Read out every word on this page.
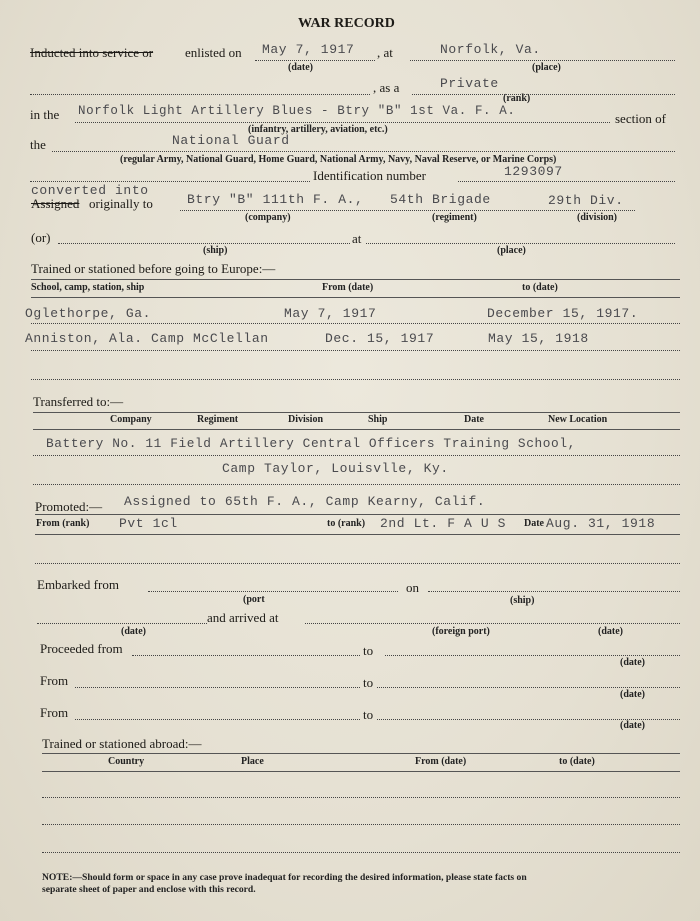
WAR RECORD
Inducted into service or enlisted on May 7, 1917 , at	Norfolk, Va.
(date)	(place)
, as a	Private
(rank)
in the Norfolk Light Artillery Blues - Btry "B" 1st Va. F. A.	section of
(infantry, artillery, aviation, etc.)
the	National Guard
(regular Army, National Guard, Home Guard, National Army, Navy, Naval Reserve, or Marine Corps)
Identification number	1293097
converted into
Assigned originally to	Btry "B" 111th F. A., 54th Brigade	29th Div.
(company)	(regiment)	(division)
(or)	at
(ship)	(place)
Trained or stationed before going to Europe:—
School, camp, station, ship	From (date)	to (date)
Oglethorpe, Ga.	May 7, 1917	December 15, 1917.
Anniston, Ala. Camp McClellan	Dec. 15, 1917	May 15, 1918
Transferred to:—
Company	Regiment	Division	Ship	Date	New Location
Battery No. 11 Field Artillery Central Officers Training School,
Camp Taylor, Louisvlle, Ky.
Promoted:— Assigned to 65th F. A., Camp Kearny, Calif.
From (rank) Pvt 1cl	to (rank) 2nd Lt. F A U S Date Aug. 31, 1918
Embarked from	on
(port	(ship)
and arrived at
(date)	(foreign port)	(date)
Proceeded from	to
(date)
From	to
(date)
From	to
(date)
Trained or stationed abroad:—
Country	Place	From (date)	to (date)
NOTE:—Should form or space in any case prove inadequat for recording the desired information, please state facts on
separate sheet of paper and enclose with this record.
